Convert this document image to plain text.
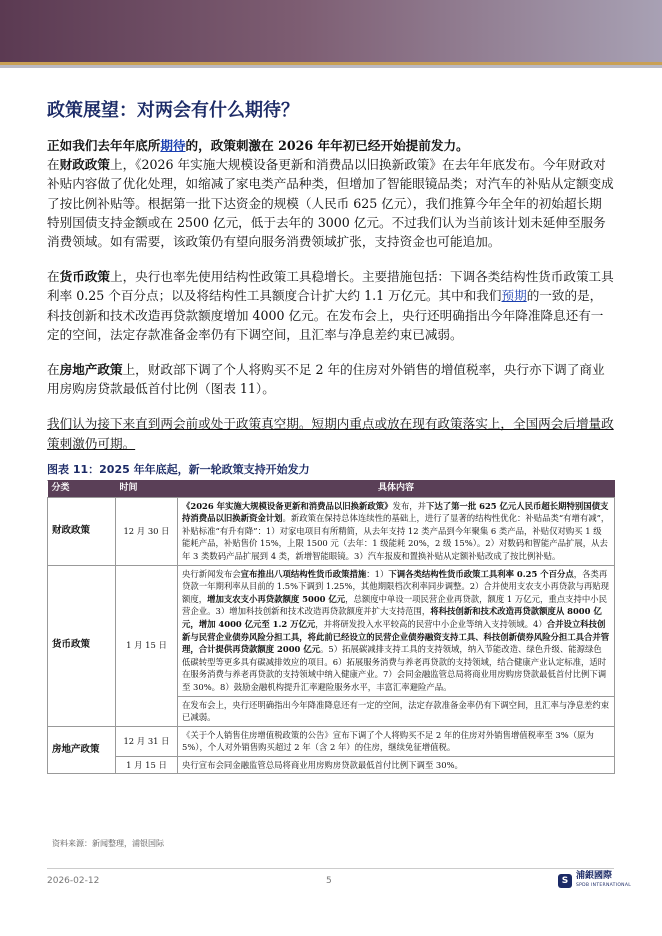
政策展望：对两会有什么期待？

正如我们去年年底所期待的，政策刺激在 2026 年年初已经开始提前发力。

在财政政策上，《2026 年实施大规模设备更新和消费品以旧换新政策》在去年年底发布。今年财政对补贴内容做了优化处理，如缩减了家电类产品种类，但增加了智能眼镜品类；对汽车的补贴从定额变成了按比例补贴等。根据第一批下达资金的规模（人民币 625 亿元），我们推算今年全年的初始超长期特别国债支持金额或在 2500 亿元，低于去年的 3000 亿元。不过我们认为当前该计划未延伸至服务消费领域。如有需要，该政策仍有望向服务消费领域扩张，支持资金也可能追加。

在货币政策上，央行也率先使用结构性政策工具稳增长。主要措施包括：下调各类结构性货币政策工具利率 0.25 个百分点；以及将结构性工具额度合计扩大约 1.1 万亿元。其中和我们预期的一致的是，科技创新和技术改造再贷款额度增加 4000 亿元。在发布会上，央行还明确指出今年降准降息还有一定的空间，法定存款准备金率仍有下调空间，且汇率与净息差约束已减弱。

在房地产政策上，财政部下调了个人将购买不足 2 年的住房对外销售的增值税率，央行亦下调了商业用房购房贷款最低首付比例（图表 11）。

我们认为接下来直到两会前或处于政策真空期。短期内重点或放在现有政策落实上，全国两会后增量政策刺激仍可期。

图表 11：2025 年年底起，新一轮政策支持开始发力
分类	时间	具体内容
财政政策	12 月 30 日	《2026 年实施大规模设备更新和消费品以旧换新政策》发布，并下达了第一批 625 亿元人民币超长期特别国债支持消费品以旧换新资金计划。新政策在保持总体连续性的基础上，进行了显著的结构性优化：补贴品类“有增有减”，补贴标准“有升有降”：1）对家电项目有所精简，从去年支持 12 类产品到今年聚集 6 类产品，补贴仅对购买 1 级能耗产品，补贴售价 15%，上限 1500 元（去年：1 级能耗 20%，2 级 15%）。2）对数码和智能产品扩展，从去年 3 类数码产品扩展到 4 类，新增智能眼镜。3）汽车报废和置换补贴从定额补贴改成了按比例补贴。
货币政策	1 月 15 日	央行新闻发布会宣布推出八项结构性货币政策措施：1）下调各类结构性货币政策工具利率 0.25 个百分点，各类再贷款一年期利率从目前的 1.5%下调到 1.25%，其他期限档次利率同步调整。2）合并使用支农支小再贷款与再贴现额度，增加支农支小再贷款额度 5000 亿元，总额度中单设一项民营企业再贷款，额度 1 万亿元，重点支持中小民营企业。3）增加科技创新和技术改造再贷款额度并扩大支持范围，将科技创新和技术改造再贷款额度从 8000 亿元，增加 4000 亿元至 1.2 万亿元，并将研发投入水平较高的民营中小企业等纳入支持领域。4）合并设立科技创新与民营企业债券风险分担工具，将此前已经设立的民营企业债券融资支持工具、科技创新债券风险分担工具合并管理，合计提供再贷款额度 2000 亿元。5）拓展碳减排支持工具的支持领域，纳入节能改造、绿色升级、能源绿色低碳转型等更多具有碳减排效应的项目。6）拓展服务消费与养老再贷款的支持领域，结合健康产业认定标准，适时在服务消费与养老再贷款的支持领域中纳入健康产业。7）会同金融监管总局将商业用房购房贷款最低首付比例下调至 30%。8）鼓励金融机构提升汇率避险服务水平，丰富汇率避险产品。
		在发布会上，央行还明确指出今年降准降息还有一定的空间，法定存款准备金率仍有下调空间，且汇率与净息差约束已减弱。
房地产政策	12 月 31 日	《关于个人销售住房增值税政策的公告》宣布下调了个人将购买不足 2 年的住房对外销售增值税率至 3%（原为 5%），个人对外销售购买超过 2 年（含 2 年）的住房，继续免征增值税。
	1 月 15 日	央行宣布会同金融监管总局将商业用房购房贷款最低首付比例下调至 30%。
资料来源：新闻整理，浦银国际
2026-02-12	5	S 浦銀國際
SPDB INTERNATIONAL
